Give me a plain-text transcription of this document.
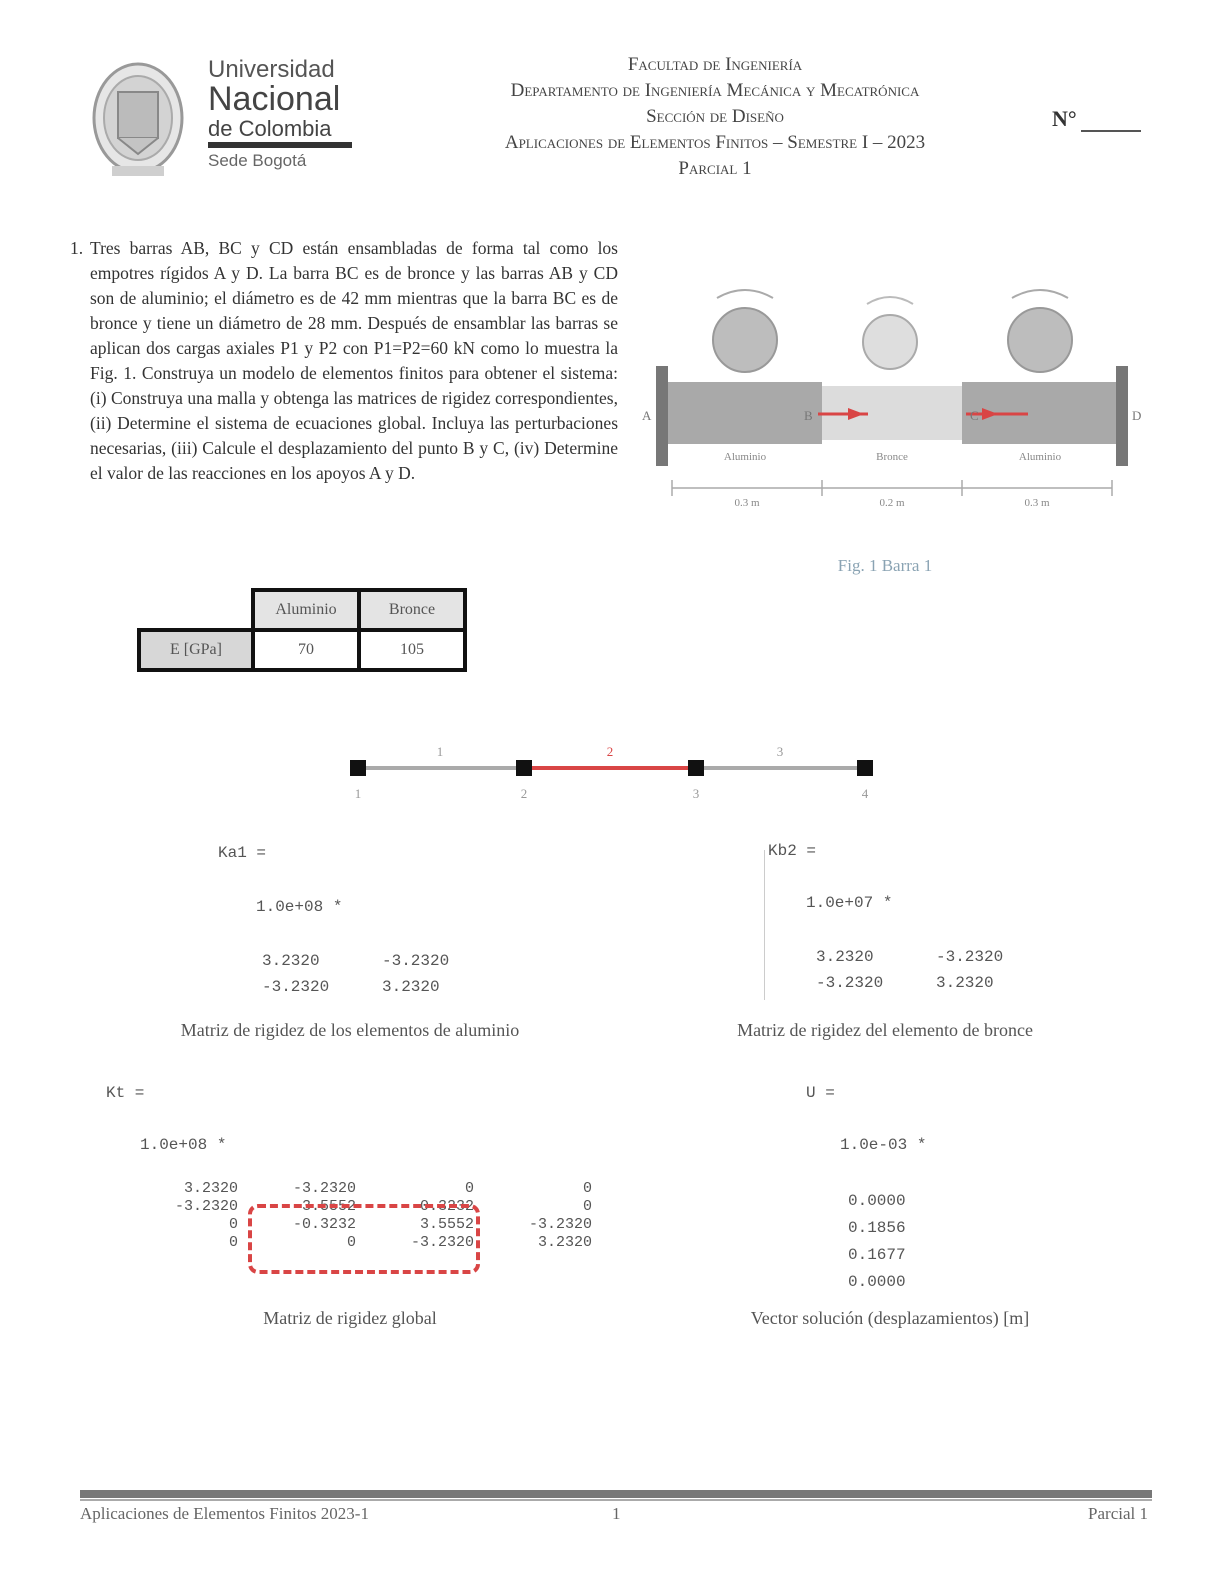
Universidad
Nacional
de Colombia
Sede Bogotá
Facultad de Ingeniería
Departamento de Ingeniería Mecánica y Mecatrónica
Sección de Diseño
Aplicaciones de Elementos Finitos – Semestre I – 2023
Parcial 1
N°
1. Tres barras AB, BC y CD están ensambladas de forma tal como los empotres rígidos A y D. La barra BC es de bronce y las barras AB y CD son de aluminio; el diámetro es de 42 mm mientras que la barra BC es de bronce y tiene un diámetro de 28 mm. Después de ensamblar las barras se aplican dos cargas axiales P1 y P2 con P1=P2=60 kN como lo muestra la Fig. 1. Construya un modelo de elementos finitos para obtener el sistema: (i) Construya una malla y obtenga las matrices de rigidez correspondientes, (ii) Determine el sistema de ecuaciones global. Incluya las perturbaciones necesarias, (iii) Calcule el desplazamiento del punto B y C, (iv) Determine el valor de las reacciones en los apoyos A y D.
A	B	C	D
Aluminio	Bronce	Aluminio
0.3 m	0.2 m	0.3 m
Fig. 1 Barra 1
	Aluminio	Bronce
E [GPa]	70	105
1	2	3
1	2	3	4
Ka1 =
1.0e+08 *
3.2320	-3.2320
-3.2320	3.2320
Matriz de rigidez de los elementos de aluminio
Kb2 =
1.0e+07 *
3.2320	-3.2320
-3.2320	3.2320
Matriz de rigidez del elemento de bronce
Kt =
1.0e+08 *
3.2320	-3.2320	0	0
-3.2320	3.5552	-0.3232	0
0	-0.3232	3.5552	-3.2320
0	0	-3.2320	3.2320
Matriz de rigidez global
U =
1.0e-03 *
0.0000
0.1856
0.1677
0.0000
Vector solución (desplazamientos) [m]
Aplicaciones de Elementos Finitos 2023-1	1	Parcial 1
